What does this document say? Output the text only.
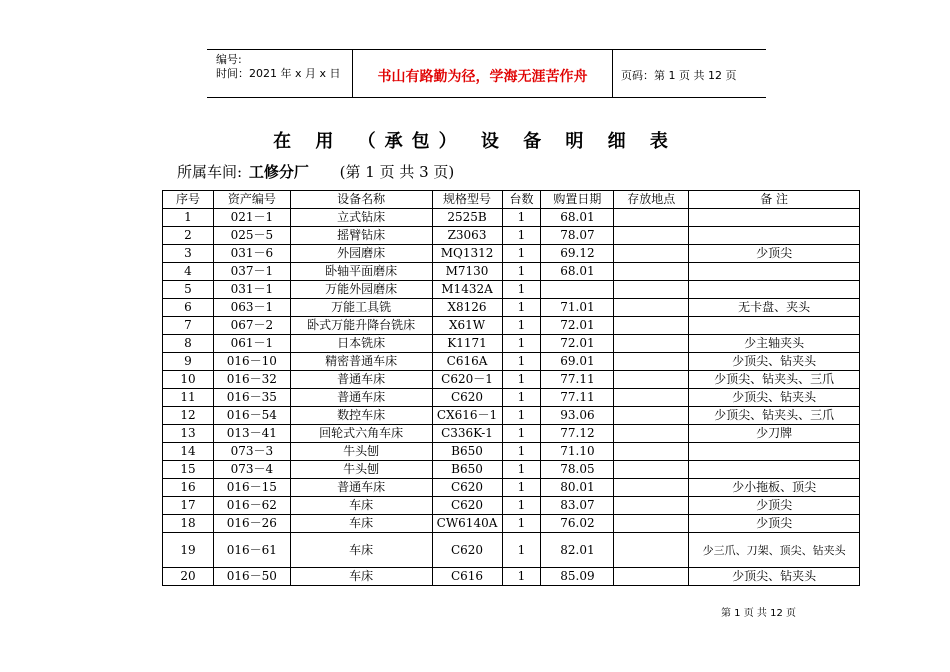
编号:
时间：2021 年 x 月 x 日	书山有路勤为径，学海无涯苦作舟	页码：第 1 页 共 12 页
在 用 （承包） 设 备 明 细 表
所属车间: 工修分厂 (第 1 页 共 3 页)
序号	资产编号	设备名称	规格型号	台数	购置日期	存放地点	备 注
1	021－1	立式钻床	2525B	1	68.01		
2	025－5	摇臂钻床	Z3063	1	78.07		
3	031－6	外园磨床	MQ1312	1	69.12		少顶尖
4	037－1	卧轴平面磨床	M7130	1	68.01		
5	031－1	万能外园磨床	M1432A	1			
6	063－1	万能工具铣	X8126	1	71.01		无卡盘、夹头
7	067－2	卧式万能升降台铣床	X61W	1	72.01		
8	061－1	日本铣床	K1171	1	72.01		少主轴夹头
9	016－10	精密普通车床	C616A	1	69.01		少顶尖、钻夹头
10	016－32	普通车床	C620－1	1	77.11		少顶尖、钻夹头、三爪
11	016－35	普通车床	C620	1	77.11		少顶尖、钻夹头
12	016－54	数控车床	CX616－1	1	93.06		少顶尖、钻夹头、三爪
13	013－41	回轮式六角车床	C336K-1	1	77.12		少刀牌
14	073－3	牛头刨	B650	1	71.10		
15	073－4	牛头刨	B650	1	78.05		
16	016－15	普通车床	C620	1	80.01		少小拖板、顶尖
17	016－62	车床	C620	1	83.07		少顶尖
18	016－26	车床	CW6140A	1	76.02		少顶尖
19	016－61	车床	C620	1	82.01		少三爪、刀架、顶尖、钻夹头
20	016－50	车床	C616	1	85.09		少顶尖、钻夹头
第 1 页 共 12 页
